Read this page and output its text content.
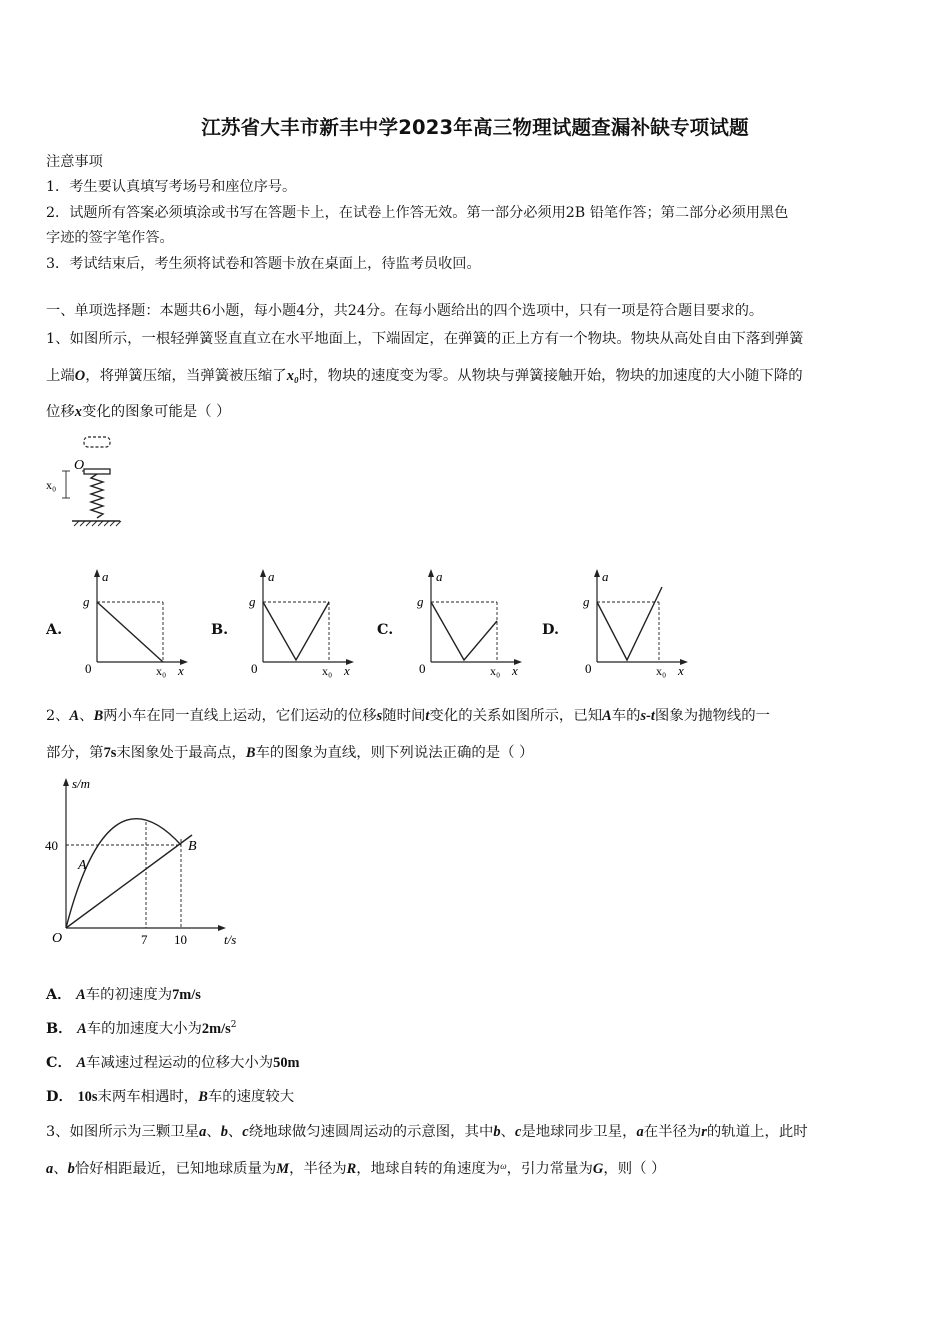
江苏省大丰市新丰中学2023年高三物理试题查漏补缺专项试题
注意事项
1．考生要认真填写考场号和座位序号。
2．试题所有答案必须填涂或书写在答题卡上，在试卷上作答无效。第一部分必须用2B 铅笔作答；第二部分必须用黑色
字迹的签字笔作答。
3．考试结束后，考生须将试卷和答题卡放在桌面上，待监考员收回。
一、单项选择题：本题共6小题，每小题4分，共24分。在每小题给出的四个选项中，只有一项是符合题目要求的。
1、如图所示，一根轻弹簧竖直直立在水平地面上，下端固定，在弹簧的正上方有一个物块。物块从高处自由下落到弹簧
上端O，将弹簧压缩，当弹簧被压缩了x₀时，物块的速度变为零。从物块与弹簧接触开始，物块的加速度的大小随下降的
位移x变化的图象可能是（ ）
O
x₀
A.	B.	C.	D.
a
g
0	x₀ x
a
g
0	x₀ x
a
g
0	x₀ x
a
g
0	x₀ x
2、A、B两小车在同一直线上运动，它们运动的位移s随时间t变化的关系如图所示，已知A车的s-t图象为抛物线的一
部分，第7s末图象处于最高点，B车的图象为直线，则下列说法正确的是（ ）
s/m
t/s
O
40
7 10
A
B
A． A车的初速度为7m/s
B． A车的加速度大小为$2m/s^2$
C． A车减速过程运动的位移大小为50m
D． 10s末两车相遇时，B车的速度较大
3、如图所示为三颗卫星a、b、c绕地球做匀速圆周运动的示意图，其中b、c是地球同步卫星，a在半径为r的轨道上，此时
a、b恰好相距最近，已知地球质量为M，半径为R，地球自转的角速度为$^\omega$，引力常量为G，则（ ）
